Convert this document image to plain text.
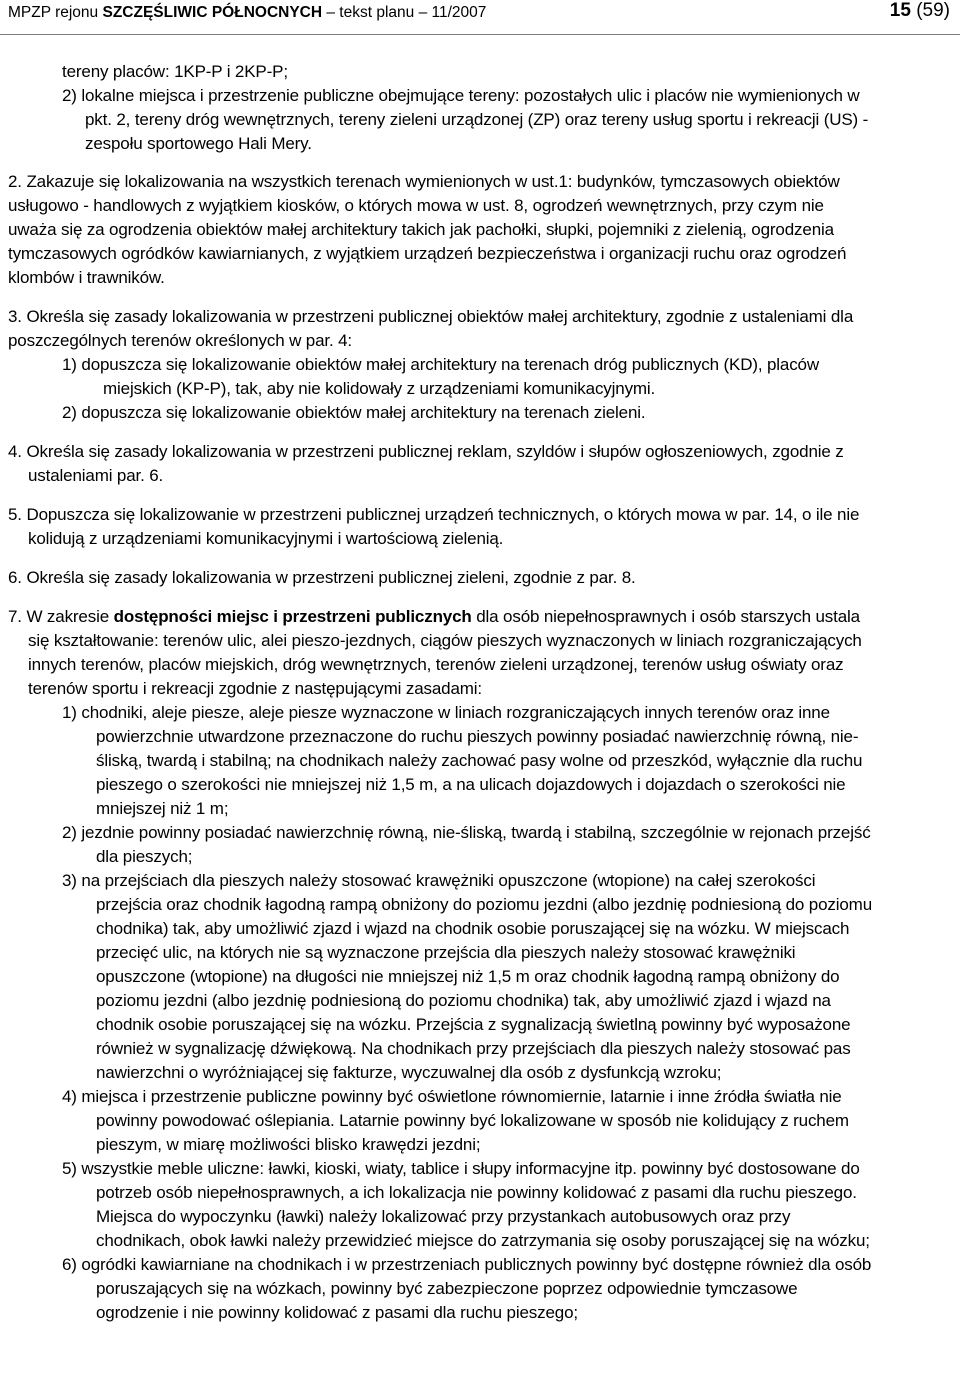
MPZP rejonu SZCZĘŚLIWIC PÓŁNOCNYCH – tekst planu – 11/2007	15 (59)
tereny placów: 1KP-P i 2KP-P;
2) lokalne miejsca i przestrzenie publiczne obejmujące tereny: pozostałych ulic i placów nie wymienionych w
pkt. 2, tereny dróg wewnętrznych, tereny zieleni urządzonej (ZP) oraz tereny usług sportu i rekreacji (US) -
zespołu sportowego Hali Mery.
2. Zakazuje się lokalizowania na wszystkich terenach wymienionych w ust.1: budynków, tymczasowych obiektów
usługowo - handlowych z wyjątkiem kiosków, o których mowa w ust. 8, ogrodzeń wewnętrznych, przy czym nie
uważa się za ogrodzenia obiektów małej architektury takich jak pachołki, słupki, pojemniki z zielenią, ogrodzenia
tymczasowych ogródków kawiarnianych, z wyjątkiem urządzeń bezpieczeństwa i organizacji ruchu oraz ogrodzeń
klombów i trawników.
3. Określa się zasady lokalizowania w przestrzeni publicznej obiektów małej architektury, zgodnie z ustaleniami dla
poszczególnych terenów określonych w par. 4:
1) dopuszcza się lokalizowanie obiektów małej architektury na terenach dróg publicznych (KD), placów
miejskich (KP-P), tak, aby nie kolidowały z urządzeniami komunikacyjnymi.
2) dopuszcza się lokalizowanie obiektów małej architektury na terenach zieleni.
4. Określa się zasady lokalizowania w przestrzeni publicznej reklam, szyldów i słupów ogłoszeniowych, zgodnie z
ustaleniami par. 6.
5. Dopuszcza się lokalizowanie w przestrzeni publicznej urządzeń technicznych, o których mowa w par. 14, o ile nie
kolidują z urządzeniami komunikacyjnymi i wartościową zielenią.
6. Określa się zasady lokalizowania w przestrzeni publicznej zieleni, zgodnie z par. 8.
7. W zakresie dostępności miejsc i przestrzeni publicznych dla osób niepełnosprawnych i osób starszych ustala
się kształtowanie: terenów ulic, alei pieszo-jezdnych, ciągów pieszych wyznaczonych w liniach rozgraniczających
innych terenów, placów miejskich, dróg wewnętrznych, terenów zieleni urządzonej, terenów usług oświaty oraz
terenów sportu i rekreacji zgodnie z następującymi zasadami:
1) chodniki, aleje piesze, aleje piesze wyznaczone w liniach rozgraniczających innych terenów oraz inne
powierzchnie utwardzone przeznaczone do ruchu pieszych powinny posiadać nawierzchnię równą, nie-
śliską, twardą i stabilną; na chodnikach należy zachować pasy wolne od przeszkód, wyłącznie dla ruchu
pieszego o szerokości nie mniejszej niż 1,5 m, a na ulicach dojazdowych i dojazdach o szerokości nie
mniejszej niż 1 m;
2) jezdnie powinny posiadać nawierzchnię równą, nie-śliską, twardą i stabilną, szczególnie w rejonach przejść
dla pieszych;
3) na przejściach dla pieszych należy stosować krawężniki opuszczone (wtopione) na całej szerokości
przejścia oraz chodnik łagodną rampą obniżony do poziomu jezdni (albo jezdnię podniesioną do poziomu
chodnika) tak, aby umożliwić zjazd i wjazd na chodnik osobie poruszającej się na wózku. W miejscach
przecięć ulic, na których nie są wyznaczone przejścia dla pieszych należy stosować krawężniki
opuszczone (wtopione) na długości nie mniejszej niż 1,5 m oraz chodnik łagodną rampą obniżony do
poziomu jezdni (albo jezdnię podniesioną do poziomu chodnika) tak, aby umożliwić zjazd i wjazd na
chodnik osobie poruszającej się na wózku. Przejścia z sygnalizacją świetlną powinny być wyposażone
również w sygnalizację dźwiękową. Na chodnikach przy przejściach dla pieszych należy stosować pas
nawierzchni o wyróżniającej się fakturze, wyczuwalnej dla osób z dysfunkcją wzroku;
4) miejsca i przestrzenie publiczne powinny być oświetlone równomiernie, latarnie i inne źródła światła nie
powinny powodować oślepiania. Latarnie powinny być lokalizowane w sposób nie kolidujący z ruchem
pieszym, w miarę możliwości blisko krawędzi jezdni;
5) wszystkie meble uliczne: ławki, kioski, wiaty, tablice i słupy informacyjne itp. powinny być dostosowane do
potrzeb osób niepełnosprawnych, a ich lokalizacja nie powinny kolidować z pasami dla ruchu pieszego.
Miejsca do wypoczynku (ławki) należy lokalizować przy przystankach autobusowych oraz przy
chodnikach, obok ławki należy przewidzieć miejsce do zatrzymania się osoby poruszającej się na wózku;
6) ogródki kawiarniane na chodnikach i w przestrzeniach publicznych powinny być dostępne również dla osób
poruszających się na wózkach, powinny być zabezpieczone poprzez odpowiednie tymczasowe
ogrodzenie i nie powinny kolidować z pasami dla ruchu pieszego;
